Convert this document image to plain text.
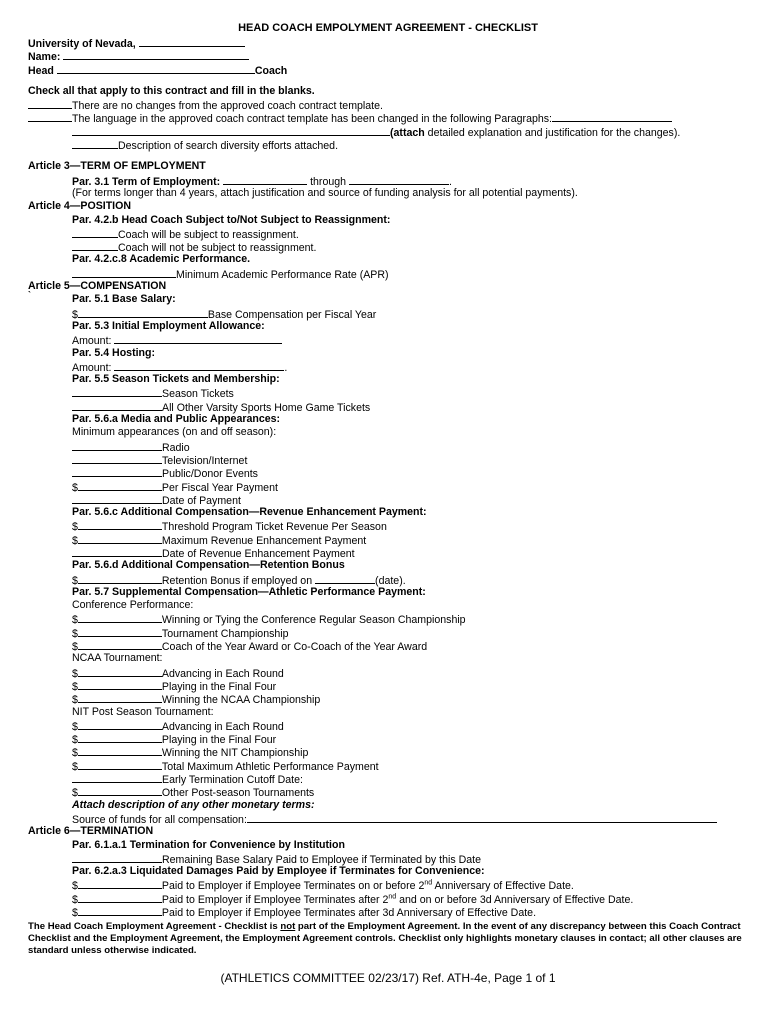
HEAD COACH EMPOLYMENT AGREEMENT - CHECKLIST
University of Nevada,
Name:
Head	Coach
Check all that apply to this contract and fill in the blanks.
There are no changes from the approved coach contract template.
The language in the approved coach contract template has been changed in the following Paragraphs:
(attach detailed explanation and justification for the changes).
Description of search diversity efforts attached.
Article 3—TERM OF EMPLOYMENT
Par. 3.1 Term of Employment:	through	.
(For terms longer than 4 years, attach justification and source of funding analysis for all potential payments).
Article 4—POSITION
Par. 4.2.b Head Coach Subject to/Not Subject to Reassignment:
Coach will be subject to reassignment.
Coach will not be subject to reassignment.
Par. 4.2.c.8 Academic Performance.
Minimum Academic Performance Rate (APR)
Article 5—COMPENSATION
`	Par. 5.1 Base Salary:
$	Base Compensation per Fiscal Year
Par. 5.3 Initial Employment Allowance:
Amount:
Par. 5.4 Hosting:
Amount:	.
Par. 5.5 Season Tickets and Membership:
Season Tickets
All Other Varsity Sports Home Game Tickets
Par. 5.6.a Media and Public Appearances:
Minimum appearances (on and off season):
Radio
Television/Internet
Public/Donor Events
$	Per Fiscal Year Payment
Date of Payment
Par. 5.6.c Additional Compensation—Revenue Enhancement Payment:
$	Threshold Program Ticket Revenue Per Season
$	Maximum Revenue Enhancement Payment
Date of Revenue Enhancement Payment
Par. 5.6.d Additional Compensation—Retention Bonus
$	Retention Bonus if employed on	(date).
Par. 5.7 Supplemental Compensation—Athletic Performance Payment:
Conference Performance:
$	Winning or Tying the Conference Regular Season Championship
$	Tournament Championship
$	Coach of the Year Award or Co-Coach of the Year Award
NCAA Tournament:
$	Advancing in Each Round
$	Playing in the Final Four
$	Winning the NCAA Championship
NIT Post Season Tournament:
$	Advancing in Each Round
$	Playing in the Final Four
$	Winning the NIT Championship
$	Total Maximum Athletic Performance Payment
Early Termination Cutoff Date:
$	Other Post-season Tournaments
Attach description of any other monetary terms:
Source of funds for all compensation:
Article 6—TERMINATION
Par. 6.1.a.1 Termination for Convenience by Institution
Remaining Base Salary Paid to Employee if Terminated by this Date
Par. 6.2.a.3 Liquidated Damages Paid by Employee if Terminates for Convenience:
$	Paid to Employer if Employee Terminates on or before 2nd Anniversary of Effective Date.
$	Paid to Employer if Employee Terminates after 2nd and on or before 3d Anniversary of Effective Date.
$	Paid to Employer if Employee Terminates after 3d Anniversary of Effective Date.
The Head Coach Employment Agreement - Checklist is not part of the Employment Agreement. In the event of any discrepancy between this Coach Contract Checklist and the Employment Agreement, the Employment Agreement controls. Checklist only highlights monetary clauses in contact; all other clauses are standard unless otherwise indicated.
(ATHLETICS COMMITTEE 02/23/17) Ref. ATH-4e, Page 1 of 1
